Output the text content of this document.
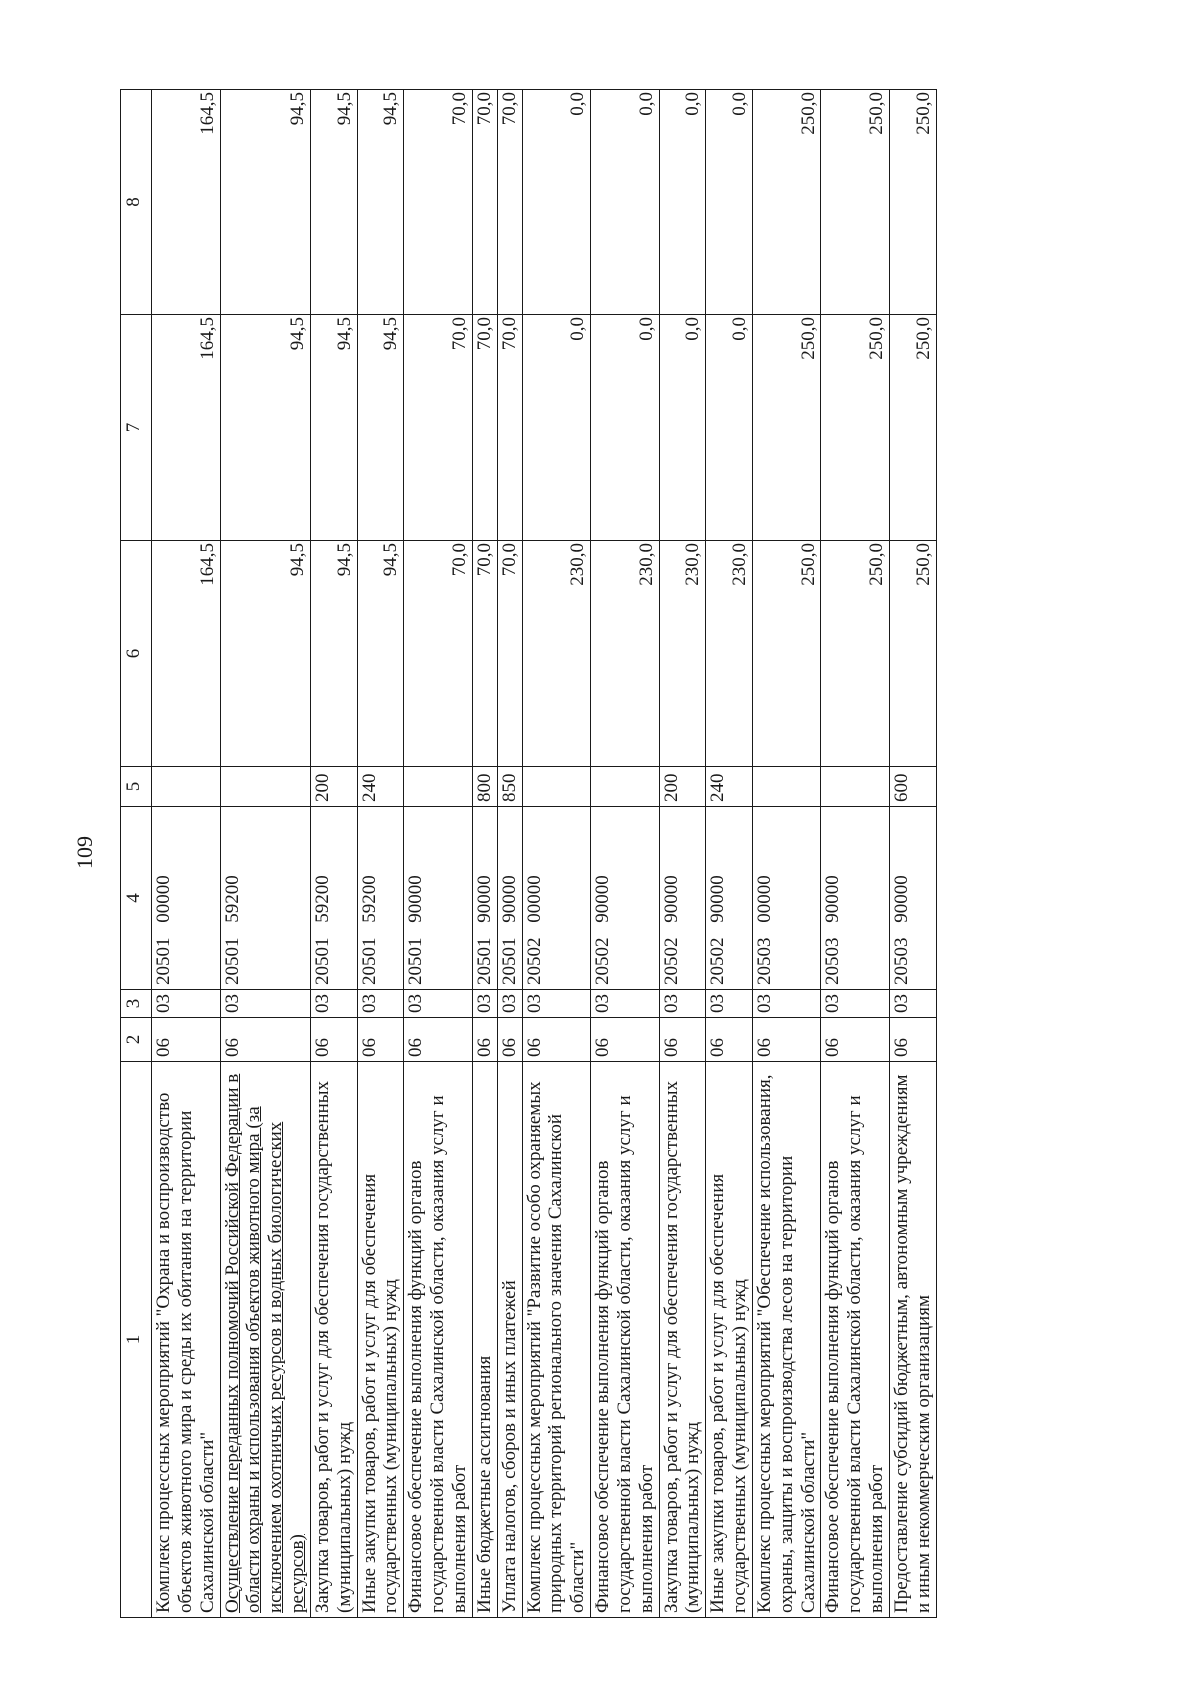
109
1	2	3	4	5	6	7	8
Комплекс процессных мероприятий "Охрана и воспроизводство объектов животного мира и среды их обитания на территории Сахалинской области"	06	03	20501 00000		164,5	164,5	164,5
Осуществление переданных полномочий Российской Федерации в области охраны и использования объектов животного мира (за исключением охотничьих ресурсов и водных биологических ресурсов)	06	03	20501 59200		94,5	94,5	94,5
Закупка товаров, работ и услуг для обеспечения государственных (муниципальных) нужд	06	03	20501 59200	200	94,5	94,5	94,5
Иные закупки товаров, работ и услуг для обеспечения государственных (муниципальных) нужд	06	03	20501 59200	240	94,5	94,5	94,5
Финансовое обеспечение выполнения функций органов государственной власти Сахалинской области, оказания услуг и выполнения работ	06	03	20501 90000		70,0	70,0	70,0
Иные бюджетные ассигнования	06	03	20501 90000	800	70,0	70,0	70,0
Уплата налогов, сборов и иных платежей	06	03	20501 90000	850	70,0	70,0	70,0
Комплекс процессных мероприятий "Развитие особо охраняемых природных территорий регионального значения Сахалинской области"	06	03	20502 00000		230,0	0,0	0,0
Финансовое обеспечение выполнения функций органов государственной власти Сахалинской области, оказания услуг и выполнения работ	06	03	20502 90000		230,0	0,0	0,0
Закупка товаров, работ и услуг для обеспечения государственных (муниципальных) нужд	06	03	20502 90000	200	230,0	0,0	0,0
Иные закупки товаров, работ и услуг для обеспечения государственных (муниципальных) нужд	06	03	20502 90000	240	230,0	0,0	0,0
Комплекс процессных мероприятий "Обеспечение использования, охраны, защиты и воспроизводства лесов на территории Сахалинской области"	06	03	20503 00000		250,0	250,0	250,0
Финансовое обеспечение выполнения функций органов государственной власти Сахалинской области, оказания услуг и выполнения работ	06	03	20503 90000		250,0	250,0	250,0
Предоставление субсидий бюджетным, автономным учреждениям и иным некоммерческим организациям	06	03	20503 90000	600	250,0	250,0	250,0
